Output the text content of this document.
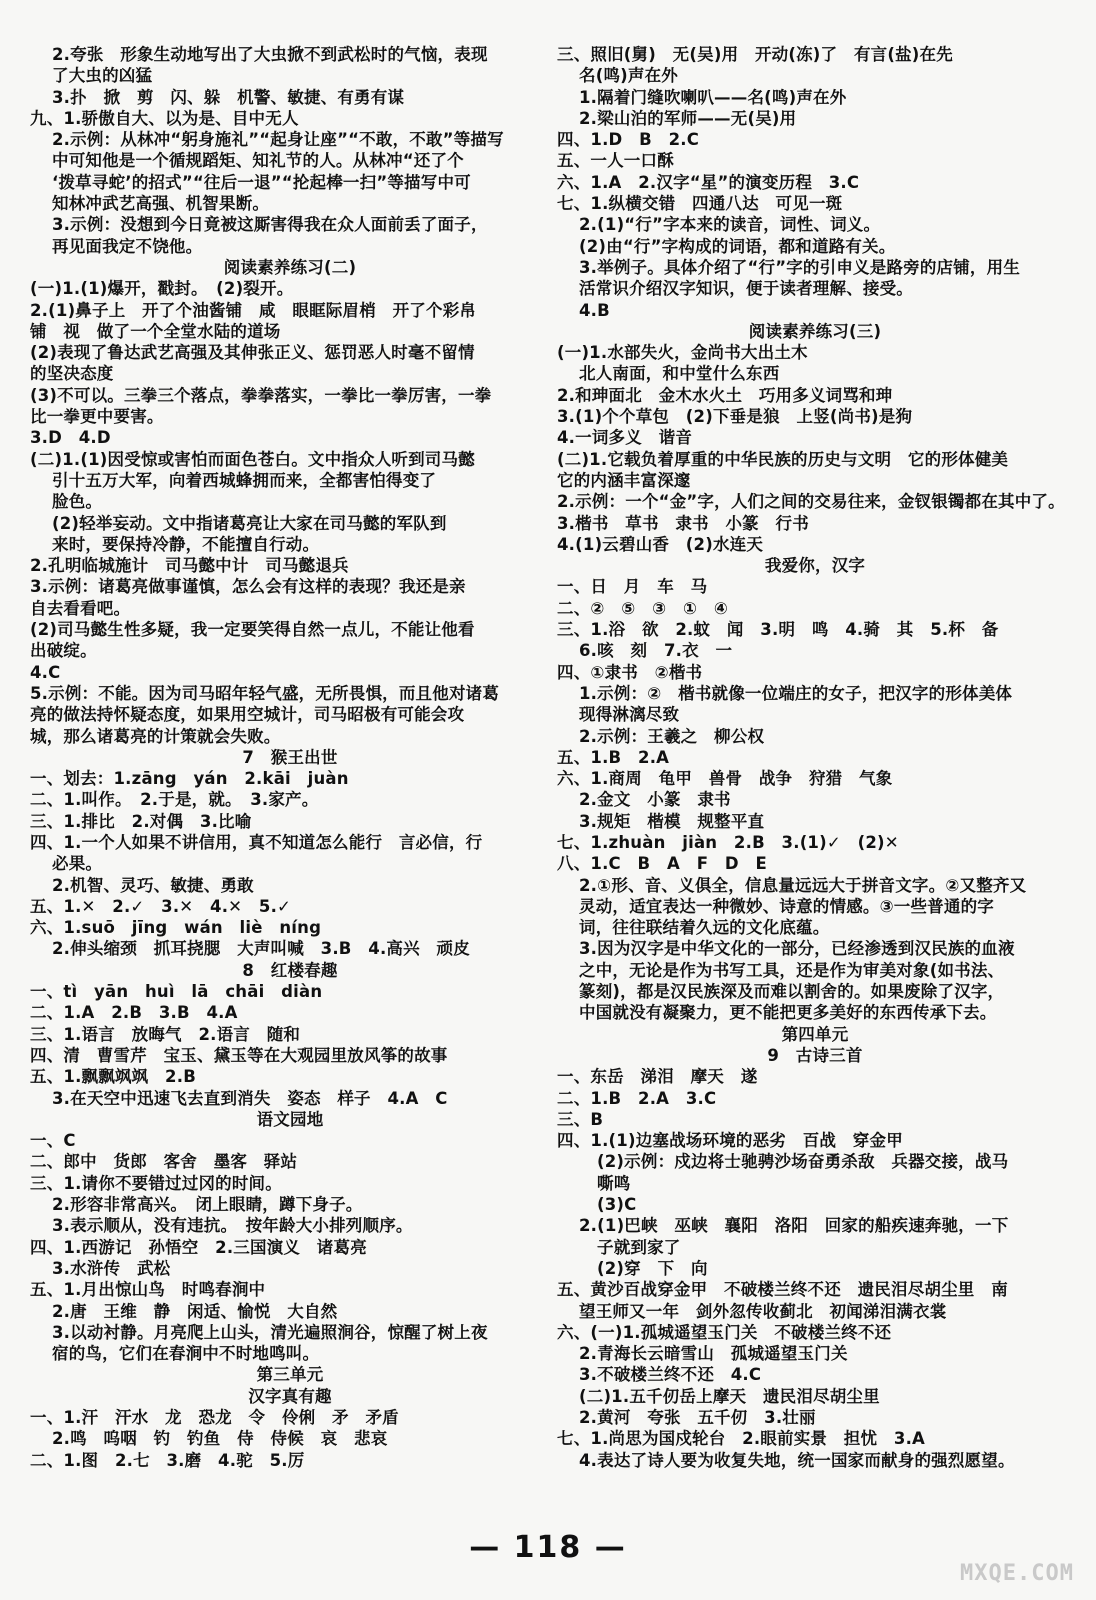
2.夸张　形象生动地写出了大虫掀不到武松时的气恼，表现
了大虫的凶猛
3.扑　掀　剪　闪、躲　机警、敏捷、有勇有谋
九、1.骄傲自大、以为是、目中无人
2.示例：从林冲“躬身施礼”“起身让座”“不敢，不敢”等描写
中可知他是一个循规蹈矩、知礼节的人。从林冲“还了个
‘拨草寻蛇’的招式”“往后一退”“抡起棒一扫”等描写中可
知林冲武艺高强、机智果断。
3.示例：没想到今日竟被这厮害得我在众人面前丢了面子，
再见面我定不饶他。
阅读素养练习(二)
(一)1.(1)爆开，戳封。　(2)裂开。
2.(1)鼻子上　开了个油酱铺　咸　眼眶际眉梢　开了个彩帛
铺　视　做了一个全堂水陆的道场
(2)表现了鲁达武艺高强及其伸张正义、惩罚恶人时毫不留情
的坚决态度
(3)不可以。三拳三个落点，拳拳落实，一拳比一拳厉害，一拳
比一拳更中要害。
3.D　4.D
(二)1.(1)因受惊或害怕而面色苍白。文中指众人听到司马懿
引十五万大军，向着西城蜂拥而来，全都害怕得变了
脸色。
(2)轻举妄动。文中指诸葛亮让大家在司马懿的军队到
来时，要保持冷静，不能擅自行动。
2.孔明临城施计　司马懿中计　司马懿退兵
3.示例：诸葛亮做事谨慎，怎么会有这样的表现？我还是亲
自去看看吧。
(2)司马懿生性多疑，我一定要笑得自然一点儿，不能让他看
出破绽。
4.C
5.示例：不能。因为司马昭年轻气盛，无所畏惧，而且他对诸葛
亮的做法持怀疑态度，如果用空城计，司马昭极有可能会攻
城，那么诸葛亮的计策就会失败。
7　猴王出世
一、划去：1.zāng　yán　2.kāi　juàn
二、1.叫作。　2.于是，就。　3.家产。
三、1.排比　2.对偶　3.比喻
四、1.一个人如果不讲信用，真不知道怎么能行　言必信，行
必果。
2.机智、灵巧、敏捷、勇敢
五、1.✕　2.✓　3.✕　4.✕　5.✓
六、1.suō　jīng　wán　liè　níng
2.伸头缩颈　抓耳挠腮　大声叫喊　3.B　4.高兴　顽皮
8　红楼春趣
一、tì　yān　huì　lā　chāi　diàn
二、1.A　2.B　3.B　4.A
三、1.语言　放晦气　2.语言　随和
四、清　曹雪芹　宝玉、黛玉等在大观园里放风筝的故事
五、1.飘飘飒飒　2.B
3.在天空中迅速飞去直到消失　姿态　样子　4.A　C
语文园地
一、C
二、郎中　货郎　客舍　墨客　驿站
三、1.请你不要错过过冈的时间。
2.形容非常高兴。　闭上眼睛，蹲下身子。
3.表示顺从，没有违抗。　按年龄大小排列顺序。
四、1.西游记　孙悟空　2.三国演义　诸葛亮
3.水浒传　武松
五、1.月出惊山鸟　时鸣春涧中
2.唐　王维　静　闲适、愉悦　大自然
3.以动衬静。月亮爬上山头，清光遍照涧谷，惊醒了树上夜
宿的鸟，它们在春涧中不时地鸣叫。
第三单元
汉字真有趣
一、1.汗　汗水　龙　恐龙　令　伶俐　矛　矛盾
2.鸣　呜咽　钓　钓鱼　侍　侍候　哀　悲哀
二、1.图　2.七　3.磨　4.驼　5.厉
三、照旧(舅)　无(吴)用　开动(冻)了　有言(盐)在先
名(鸣)声在外
1.隔着门缝吹喇叭——名(鸣)声在外
2.梁山泊的军师——无(吴)用
四、1.D　B　2.C
五、一人一口酥
六、1.A　2.汉字“星”的演变历程　3.C
七、1.纵横交错　四通八达　可见一斑
2.(1)“行”字本来的读音，词性、词义。
(2)由“行”字构成的词语，都和道路有关。
3.举例子。具体介绍了“行”字的引申义是路旁的店铺，用生
活常识介绍汉字知识，便于读者理解、接受。
4.B
阅读素养练习(三)
(一)1.水部失火，金尚书大出土木
北人南面，和中堂什么东西
2.和珅面北　金木水火土　巧用多义词骂和珅
3.(1)个个草包　(2)下垂是狼　上竖(尚书)是狗
4.一词多义　谐音
(二)1.它载负着厚重的中华民族的历史与文明　它的形体健美
它的内涵丰富深邃
2.示例：一个“金”字，人们之间的交易往来，金钗银镯都在其中了。
3.楷书　草书　隶书　小篆　行书
4.(1)云碧山香　(2)水连天
我爱你，汉字
一、日　月　车　马
二、②　⑤　③　①　④
三、1.浴　欲　2.蚊　闻　3.明　鸣　4.骑　其　5.杯　备
6.咳　刻　7.衣　一
四、①隶书　②楷书
1.示例：②　楷书就像一位端庄的女子，把汉字的形体美体
现得淋漓尽致
2.示例：王羲之　柳公权
五、1.B　2.A
六、1.商周　龟甲　兽骨　战争　狩猎　气象
2.金文　小篆　隶书
3.规矩　楷模　规整平直
七、1.zhuàn　jiàn　2.B　3.(1)✓　(2)✕
八、1.C　B　A　F　D　E
2.①形、音、义俱全，信息量远远大于拼音文字。②又整齐又
灵动，适宜表达一种微妙、诗意的情感。③一些普通的字
词，往往联结着久远的文化底蕴。
3.因为汉字是中华文化的一部分，已经渗透到汉民族的血液
之中，无论是作为书写工具，还是作为审美对象(如书法、
篆刻)，都是汉民族深及而难以割舍的。如果废除了汉字，
中国就没有凝聚力，更不能把更多美好的东西传承下去。
第四单元
9　古诗三首
一、东岳　涕泪　摩天　遂
二、1.B　2.A　3.C
三、B
四、1.(1)边塞战场环境的恶劣　百战　穿金甲
(2)示例：戍边将士驰骋沙场奋勇杀敌　兵器交接，战马
嘶鸣
(3)C
2.(1)巴峡　巫峡　襄阳　洛阳　回家的船疾速奔驰，一下
子就到家了
(2)穿　下　向
五、黄沙百战穿金甲　不破楼兰终不还　遗民泪尽胡尘里　南
望王师又一年　剑外忽传收蓟北　初闻涕泪满衣裳
六、(一)1.孤城遥望玉门关　不破楼兰终不还
2.青海长云暗雪山　孤城遥望玉门关
3.不破楼兰终不还　4.C
(二)1.五千仞岳上摩天　遗民泪尽胡尘里
2.黄河　夸张　五千仞　3.壮丽
七、1.尚思为国戍轮台　2.眼前实景　担忧　3.A
4.表达了诗人要为收复失地，统一国家而献身的强烈愿望。
— 118 —
MXQE.COM
